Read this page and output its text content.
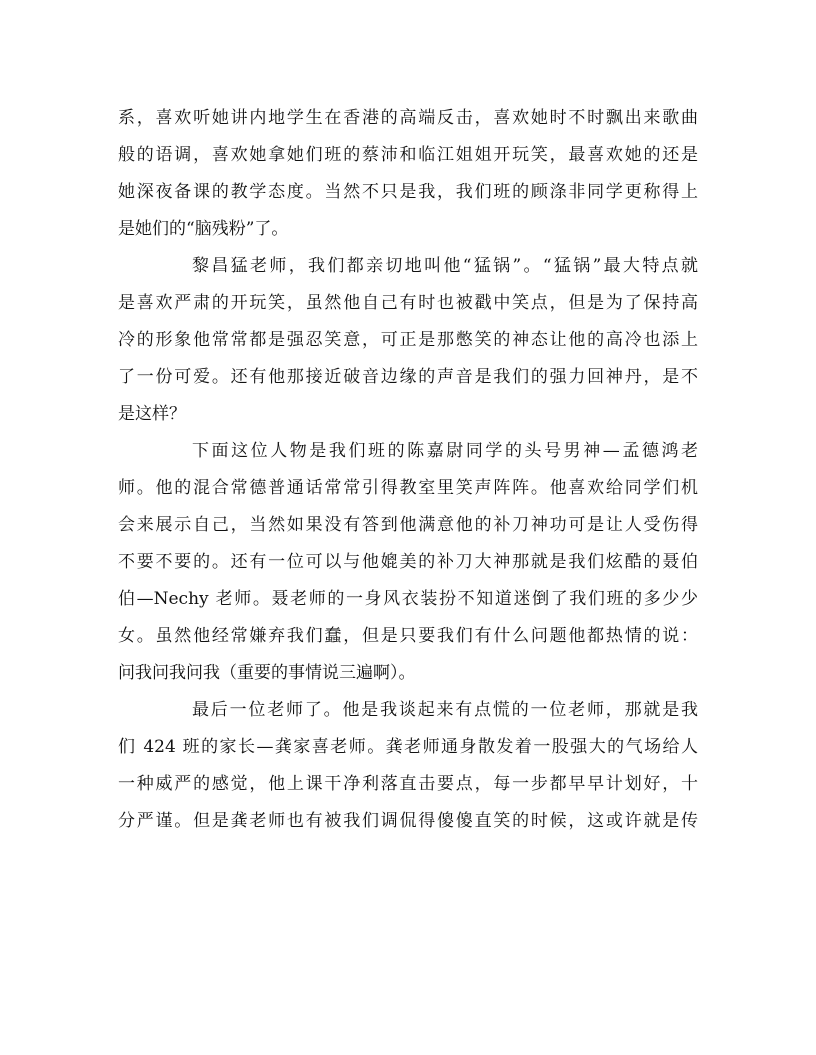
系，喜欢听她讲内地学生在香港的高端反击，喜欢她时不时飘出来歌曲
般的语调，喜欢她拿她们班的蔡沛和临江姐姐开玩笑，最喜欢她的还是
她深夜备课的教学态度。当然不只是我，我们班的顾涤非同学更称得上
是她们的“脑残粉”了。
黎昌猛老师，我们都亲切地叫他“猛锅”。“猛锅”最大特点就
是喜欢严肃的开玩笑，虽然他自己有时也被戳中笑点，但是为了保持高
冷的形象他常常都是强忍笑意，可正是那憋笑的神态让他的高冷也添上
了一份可爱。还有他那接近破音边缘的声音是我们的强力回神丹，是不
是这样？
下面这位人物是我们班的陈嘉尉同学的头号男神—孟德鸿老
师。他的混合常德普通话常常引得教室里笑声阵阵。他喜欢给同学们机
会来展示自己，当然如果没有答到他满意他的补刀神功可是让人受伤得
不要不要的。还有一位可以与他媲美的补刀大神那就是我们炫酷的聂伯
伯—Nechy 老师。聂老师的一身风衣装扮不知道迷倒了我们班的多少少
女。虽然他经常嫌弃我们蠢，但是只要我们有什么问题他都热情的说：
问我问我问我（重要的事情说三遍啊）。
最后一位老师了。他是我谈起来有点慌的一位老师，那就是我
们 424 班的家长—龚家喜老师。龚老师通身散发着一股强大的气场给人
一种威严的感觉，他上课干净利落直击要点，每一步都早早计划好，十
分严谨。但是龚老师也有被我们调侃得傻傻直笑的时候，这或许就是传
